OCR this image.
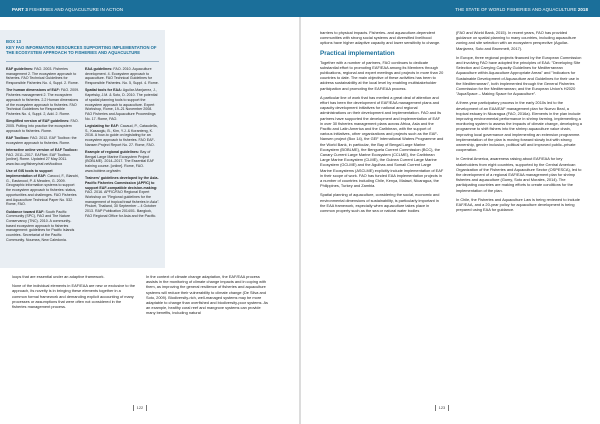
PART 3 FISHERIES AND AQUACULTURE IN ACTION
BOX 13
KEY FAO INFORMATION RESOURCES SUPPORTING IMPLEMENTATION OF THE ECOSYSTEM APPROACH TO FISHERIES AND AQUACULTURE

EAF guidelines: FAO. 2003. Fisheries management 2. The ecosystem approach to fisheries. FAO Technical Guidelines for Responsible Fisheries No. 4, Suppl. 2. Rome.

The human dimensions of EAF: FAO. 2009. Fisheries management 2. The ecosystem approach to fisheries. 2.2 Human dimensions of the ecosystem approach to fisheries. FAO Technical Guidelines for Responsible Fisheries No. 4, Suppl. 2, Add. 2. Rome.

Simplified version of EAF guidelines: FAO. 2005. Putting into practice the ecosystem approach to fisheries. Rome.

EAF Toolbox: FAO. 2012. EAF Toolbox: the ecosystem approach to fisheries. Rome.

Interactive online version of EAF Toolbox: FAO. 2011–2017. EAFNet. EAF Toolbox. [online]. Rome. Updated 27 May 2011. www.fao.org/fishery/eaf-net/toolbox

Use of GIS tools to support implementation of EAF: Carocci, F., Bianchi, G., Eastwood, P. & Meaden, G. 2009. Geographic information systems to support the ecosystem approach to fisheries: status, opportunities and challenges. FAO Fisheries and Aquaculture Technical Paper No. 532. Rome, FAO.

Guidance toward EAF: South Pacific Community (SPC), FAO and The Nature Conservancy (TNC). 2010. A community-based ecosystem approach to fisheries management: guidelines for Pacific Islands countries. Secretariat of the Pacific Community. Noumea, New Caledonia.

EAA guidelines: FAO. 2010. Aquaculture development. 4. Ecosystem approach to aquaculture. FAO Technical Guidelines for Responsible Fisheries. No. 5, Suppl. 4. Rome.

Spatial tools for EAA: Aguilar-Manjarrez, J., Kapetsky, J.M. & Soto, D. 2010. The potential of spatial planning tools to support the ecosystem approach to aquaculture. Expert Workshop, Rome, 19–21 November 2008. FAO Fisheries and Aquaculture Proceedings No. 17. Rome, FAO.

Legislating for EAF: Cacaud, P., Cataudella, S., Kasaoglu, B., Kim, Y.J. & Koranteng, K. 2016. A how-to guide on legislating for an ecosystem approach to fisheries. FAO EAF-Nansen Project Report No. 27. Rome, FAO.

Example of regional guidelines: Bay of Bengal Large Marine Ecosystem Project (BOBLME). 2014–2017. The Essential EAF training course. [online]. Rome, FAO. www.boblme.org/eafm

Trainers' guidelines developed by the Asia-Pacific Fisheries Commission (APFIC) to support EAF-compatible decision-making: FAO. 2016. APFIC/FAO Regional Expert Workshop on "Regional guidelines for the management of tropical trawl fisheries in Asia". Phuket, Thailand, 30 September – 4 October 2013. RAP Publication 2014/01. Bangkok, FAO Regional Office for Asia and the Pacific.

loops that are essential under an adaptive framework.

None of the individual elements in EAF/EAA are new or exclusive to the approach, its novelty is in bringing these elements together in a common formal framework and demanding explicit accounting of many processes or assumptions that were often not considered in the fisheries management process.

In the context of climate change adaptation, the EAF/EAA process assists in the monitoring of climate change impacts and in coping with them, as improving the general resilience of fisheries and aquaculture systems will reduce their vulnerability to climate change (De Silva and Soto, 2009). Biodiversity-rich, well-managed systems may be more adaptable to change than overfished and biodiversity-poor systems. As an example, healthy coral reef and mangrove systems can provide many benefits, including natural

122
THE STATE OF WORLD FISHERIES AND AQUACULTURE 2018

barriers to physical impacts. Fisheries- and aquaculture-dependent communities with strong social systems and diversified livelihood options have higher adaptive capacity and lower sensitivity to change.

Practical implementation

Together with a number of partners, FAO continues to dedicate substantial effort to promoting EAF/EAA among its Members through publications, regional and expert meetings and projects in more than 20 countries to date. The main objective of these activities has been to address sustainability at the local level by enabling multistakeholder participation and promoting the EAF/EAA process.

A particular line of work that has merited a great deal of attention and effort has been the development of EAF/EAA management plans and capacity development initiatives for national and regional administrations on their development and implementation. FAO and its partners have supported the development and implementation of EAF in over 30 fisheries management plans across Africa, Asia and the Pacific and Latin America and the Caribbean, with the support of various initiatives, other organizations and projects such as the EAF-Nansen project (Box 14), the GEF International Waters Programme and the World Bank, in particular, the Bay of Bengal Large Marine Ecosystem (BOBLME), the Benguela Current Commission (BCC), the Canary Current Large Marine Ecosystem (CCLME), the Caribbean Large Marine Ecosystem (CLME), the Guinea Current Large Marine Ecosystem (GCLME) and the Agulhas and Somali Current Large Marine Ecosystems (ASCLME) explicitly include implementation of EAF in their scope of work. FAO has funded EAA implementation projects in a number of countries including Chile, Kenya, Malawi, Nicaragua, the Philippines, Turkey and Zambia.

Spatial planning of aquaculture, considering the social, economic and environmental dimensions of sustainability, is particularly important in the EAA framework, especially when aquaculture takes place in common property such as the sea or natural water bodies

(FAO and World Bank, 2015). In recent years, FAO has provided guidance on spatial planning to many countries, including aquaculture zoning and site selection with an ecosystem perspective (Aguilar-Manjarrez, Soto and Brummett, 2017).

In Europe, three regional projects financed by the European Commission and involving FAO have adopted the principles of EAA: "Developing Site Selection and Carrying Capacity Guidelines for Mediterranean Aquaculture within Aquaculture Appropriate Areas" and "Indicators for Sustainable Development of Aquaculture and Guidelines for their use in the Mediterranean", both implemented through the General Fisheries Commission for the Mediterranean; and the European Union's H2020 "AquaSpace – Making Space for Aquaculture".

A three-year participatory process in the early 2010s led to the development of an EAA/EAF management plan for Nuevo Beal, a tropical estuary in Nicaragua (FAO, 2016a). Elements in the plan include improving environmental performance in shrimp farming, implementing a monitoring system to assess the impacts of climate change, developing a programme to shift fishers into the shrimp aquaculture value chain, improving local governance and implementing an extension programme. Implementation of the plan is moving forward slowly but with strong ownership, gender inclusion, political will and improved public–private cooperation.

In Central America, awareness raising about EAF/EAA for key stakeholders from eight countries, supported by the Central American Organization of the Fisheries and Aquaculture Sector (OSPESCA), led to the development of a regional EAF/EAA management plan for shrimp fisheries and aquaculture (Gumy, Soto and Morales, 2014). The participating countries are making efforts to create conditions for the implementation of the plan.

In Chile, the Fisheries and Aquaculture Law is being reviewed to include EAF/EAA, and a 20-year policy for aquaculture development is being prepared using EAA for guidance.

123
